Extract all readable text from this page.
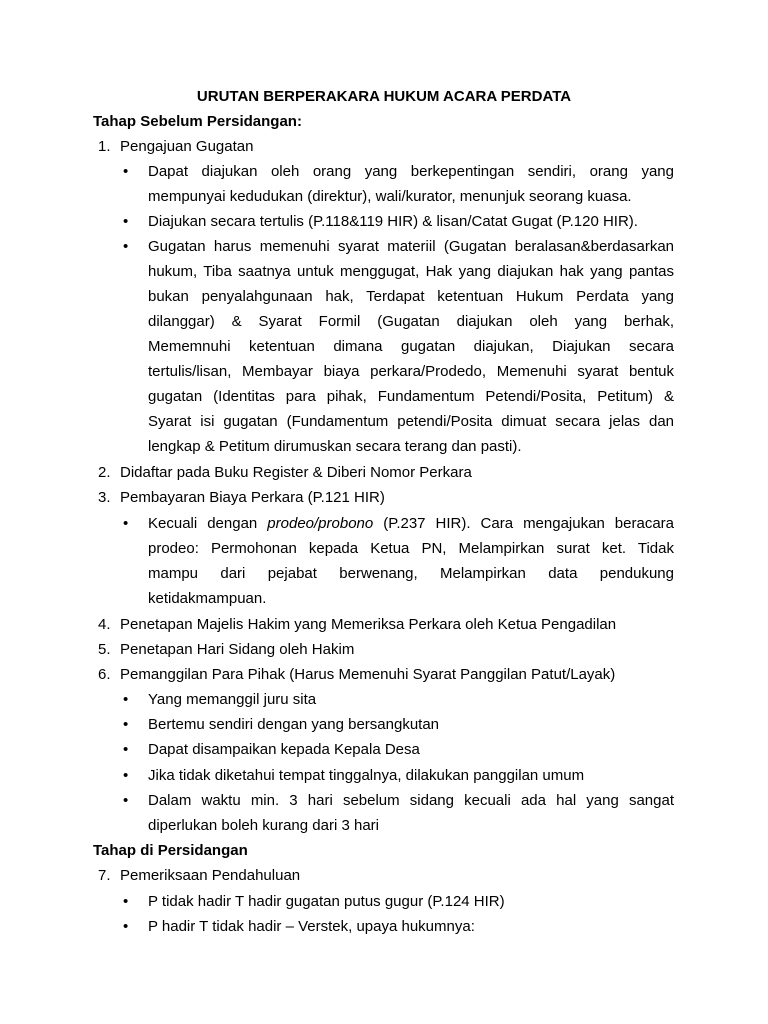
URUTAN BERPERAKARA HUKUM ACARA PERDATA
Tahap Sebelum Persidangan:
1. Pengajuan Gugatan
• Dapat diajukan oleh orang yang berkepentingan sendiri, orang yang
mempunyai kedudukan (direktur), wali/kurator, menunjuk seorang kuasa.
• Diajukan secara tertulis (P.118&119 HIR) & lisan/Catat Gugat (P.120 HIR).
• Gugatan harus memenuhi syarat materiil (Gugatan beralasan&berdasarkan
hukum, Tiba saatnya untuk menggugat, Hak yang diajukan hak yang pantas
bukan penyalahgunaan hak, Terdapat ketentuan Hukum Perdata yang
dilanggar) & Syarat Formil (Gugatan diajukan oleh yang berhak,
Mememnuhi ketentuan dimana gugatan diajukan, Diajukan secara
tertulis/lisan, Membayar biaya perkara/Prodedo, Memenuhi syarat bentuk
gugatan (Identitas para pihak, Fundamentum Petendi/Posita, Petitum) &
Syarat isi gugatan (Fundamentum petendi/Posita dimuat secara jelas dan
lengkap & Petitum dirumuskan secara terang dan pasti).
2. Didaftar pada Buku Register & Diberi Nomor Perkara
3. Pembayaran Biaya Perkara (P.121 HIR)
• Kecuali dengan prodeo/probono (P.237 HIR). Cara mengajukan beracara
prodeo: Permohonan kepada Ketua PN, Melampirkan surat ket. Tidak
mampu dari pejabat berwenang, Melampirkan data pendukung
ketidakmampuan.
4. Penetapan Majelis Hakim yang Memeriksa Perkara oleh Ketua Pengadilan
5. Penetapan Hari Sidang oleh Hakim
6. Pemanggilan Para Pihak (Harus Memenuhi Syarat Panggilan Patut/Layak)
• Yang memanggil juru sita
• Bertemu sendiri dengan yang bersangkutan
• Dapat disampaikan kepada Kepala Desa
• Jika tidak diketahui tempat tinggalnya, dilakukan panggilan umum
• Dalam waktu min. 3 hari sebelum sidang kecuali ada hal yang sangat
diperlukan boleh kurang dari 3 hari
Tahap di Persidangan
7. Pemeriksaan Pendahuluan
• P tidak hadir T hadir gugatan putus gugur (P.124 HIR)
• P hadir T tidak hadir – Verstek, upaya hukumnya:
